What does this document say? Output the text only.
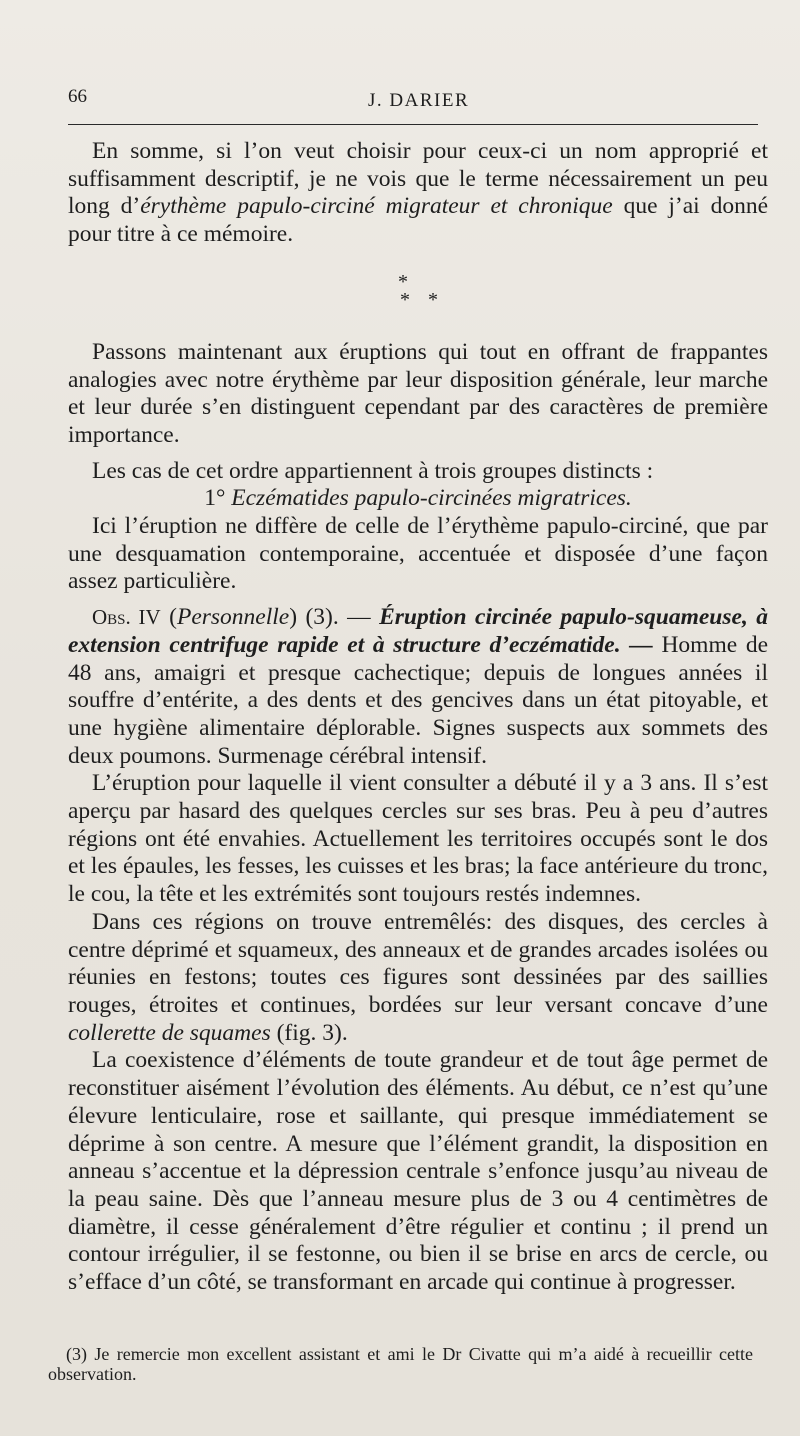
66	J. DARIER

En somme, si l’on veut choisir pour ceux-ci un nom approprié et suffisamment descriptif, je ne vois que le terme nécessairement un peu long d’érythème papulo-circiné migrateur et chronique que j’ai donné pour titre à ce mémoire.

*
* *

Passons maintenant aux éruptions qui tout en offrant de frappantes analogies avec notre érythème par leur disposition générale, leur marche et leur durée s’en distinguent cependant par des caractères de première importance.

Les cas de cet ordre appartiennent à trois groupes distincts :

1° Eczématides papulo-circinées migratrices.

Ici l’éruption ne diffère de celle de l’érythème papulo-circiné, que par une desquamation contemporaine, accentuée et disposée d’une façon assez particulière.

Obs. IV (Personnelle) (3). — Éruption circinée papulo-squameuse, à extension centrifuge rapide et à structure d’eczématide. — Homme de 48 ans, amaigri et presque cachectique; depuis de longues années il souffre d’entérite, a des dents et des gencives dans un état pitoyable, et une hygiène alimentaire déplorable. Signes suspects aux sommets des deux poumons. Surmenage cérébral intensif.

L’éruption pour laquelle il vient consulter a débuté il y a 3 ans. Il s’est aperçu par hasard des quelques cercles sur ses bras. Peu à peu d’autres régions ont été envahies. Actuellement les territoires occupés sont le dos et les épaules, les fesses, les cuisses et les bras; la face antérieure du tronc, le cou, la tête et les extrémités sont toujours restés indemnes.

Dans ces régions on trouve entremêlés: des disques, des cercles à centre déprimé et squameux, des anneaux et de grandes arcades isolées ou réunies en festons; toutes ces figures sont dessinées par des saillies rouges, étroites et continues, bordées sur leur versant concave d’une collerette de squames (fig. 3).

La coexistence d’éléments de toute grandeur et de tout âge permet de reconstituer aisément l’évolution des éléments. Au début, ce n’est qu’une élevure lenticulaire, rose et saillante, qui presque immédiatement se déprime à son centre. A mesure que l’élément grandit, la disposition en anneau s’accentue et la dépression centrale s’enfonce jusqu’au niveau de la peau saine. Dès que l’anneau mesure plus de 3 ou 4 centimètres de diamètre, il cesse généralement d’être régulier et continu ; il prend un contour irrégulier, il se festonne, ou bien il se brise en arcs de cercle, ou s’efface d’un côté, se transformant en arcade qui continue à progresser.

(3) Je remercie mon excellent assistant et ami le Dr Civatte qui m’a aidé à recueillir cette observation.
